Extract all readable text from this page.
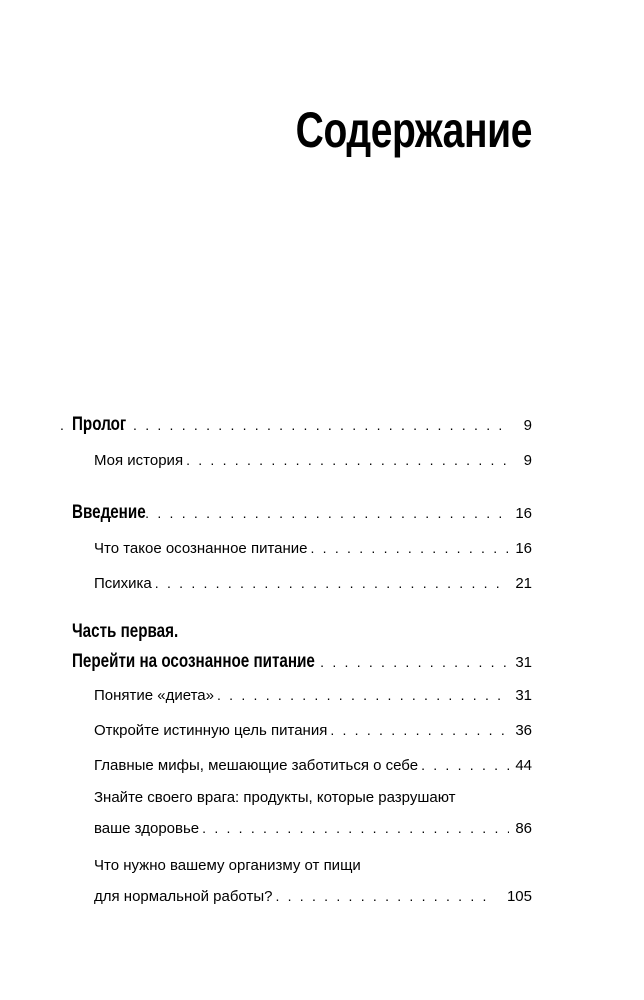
Содержание
Пролог . . .	9
Моя история . . .	9
Введение . . .	16
Что такое осознанное питание . . .	16
Психика . . .	21
Часть первая.
Перейти на осознанное питание . . .	31
Понятие «диета» . . .	31
Откройте истинную цель питания . . .	36
Главные мифы, мешающие заботиться о себе . . .	44
Знайте своего врага: продукты, которые разрушают
ваше здоровье . . .	86
Что нужно вашему организму от пищи
для нормальной работы? . . .	105
